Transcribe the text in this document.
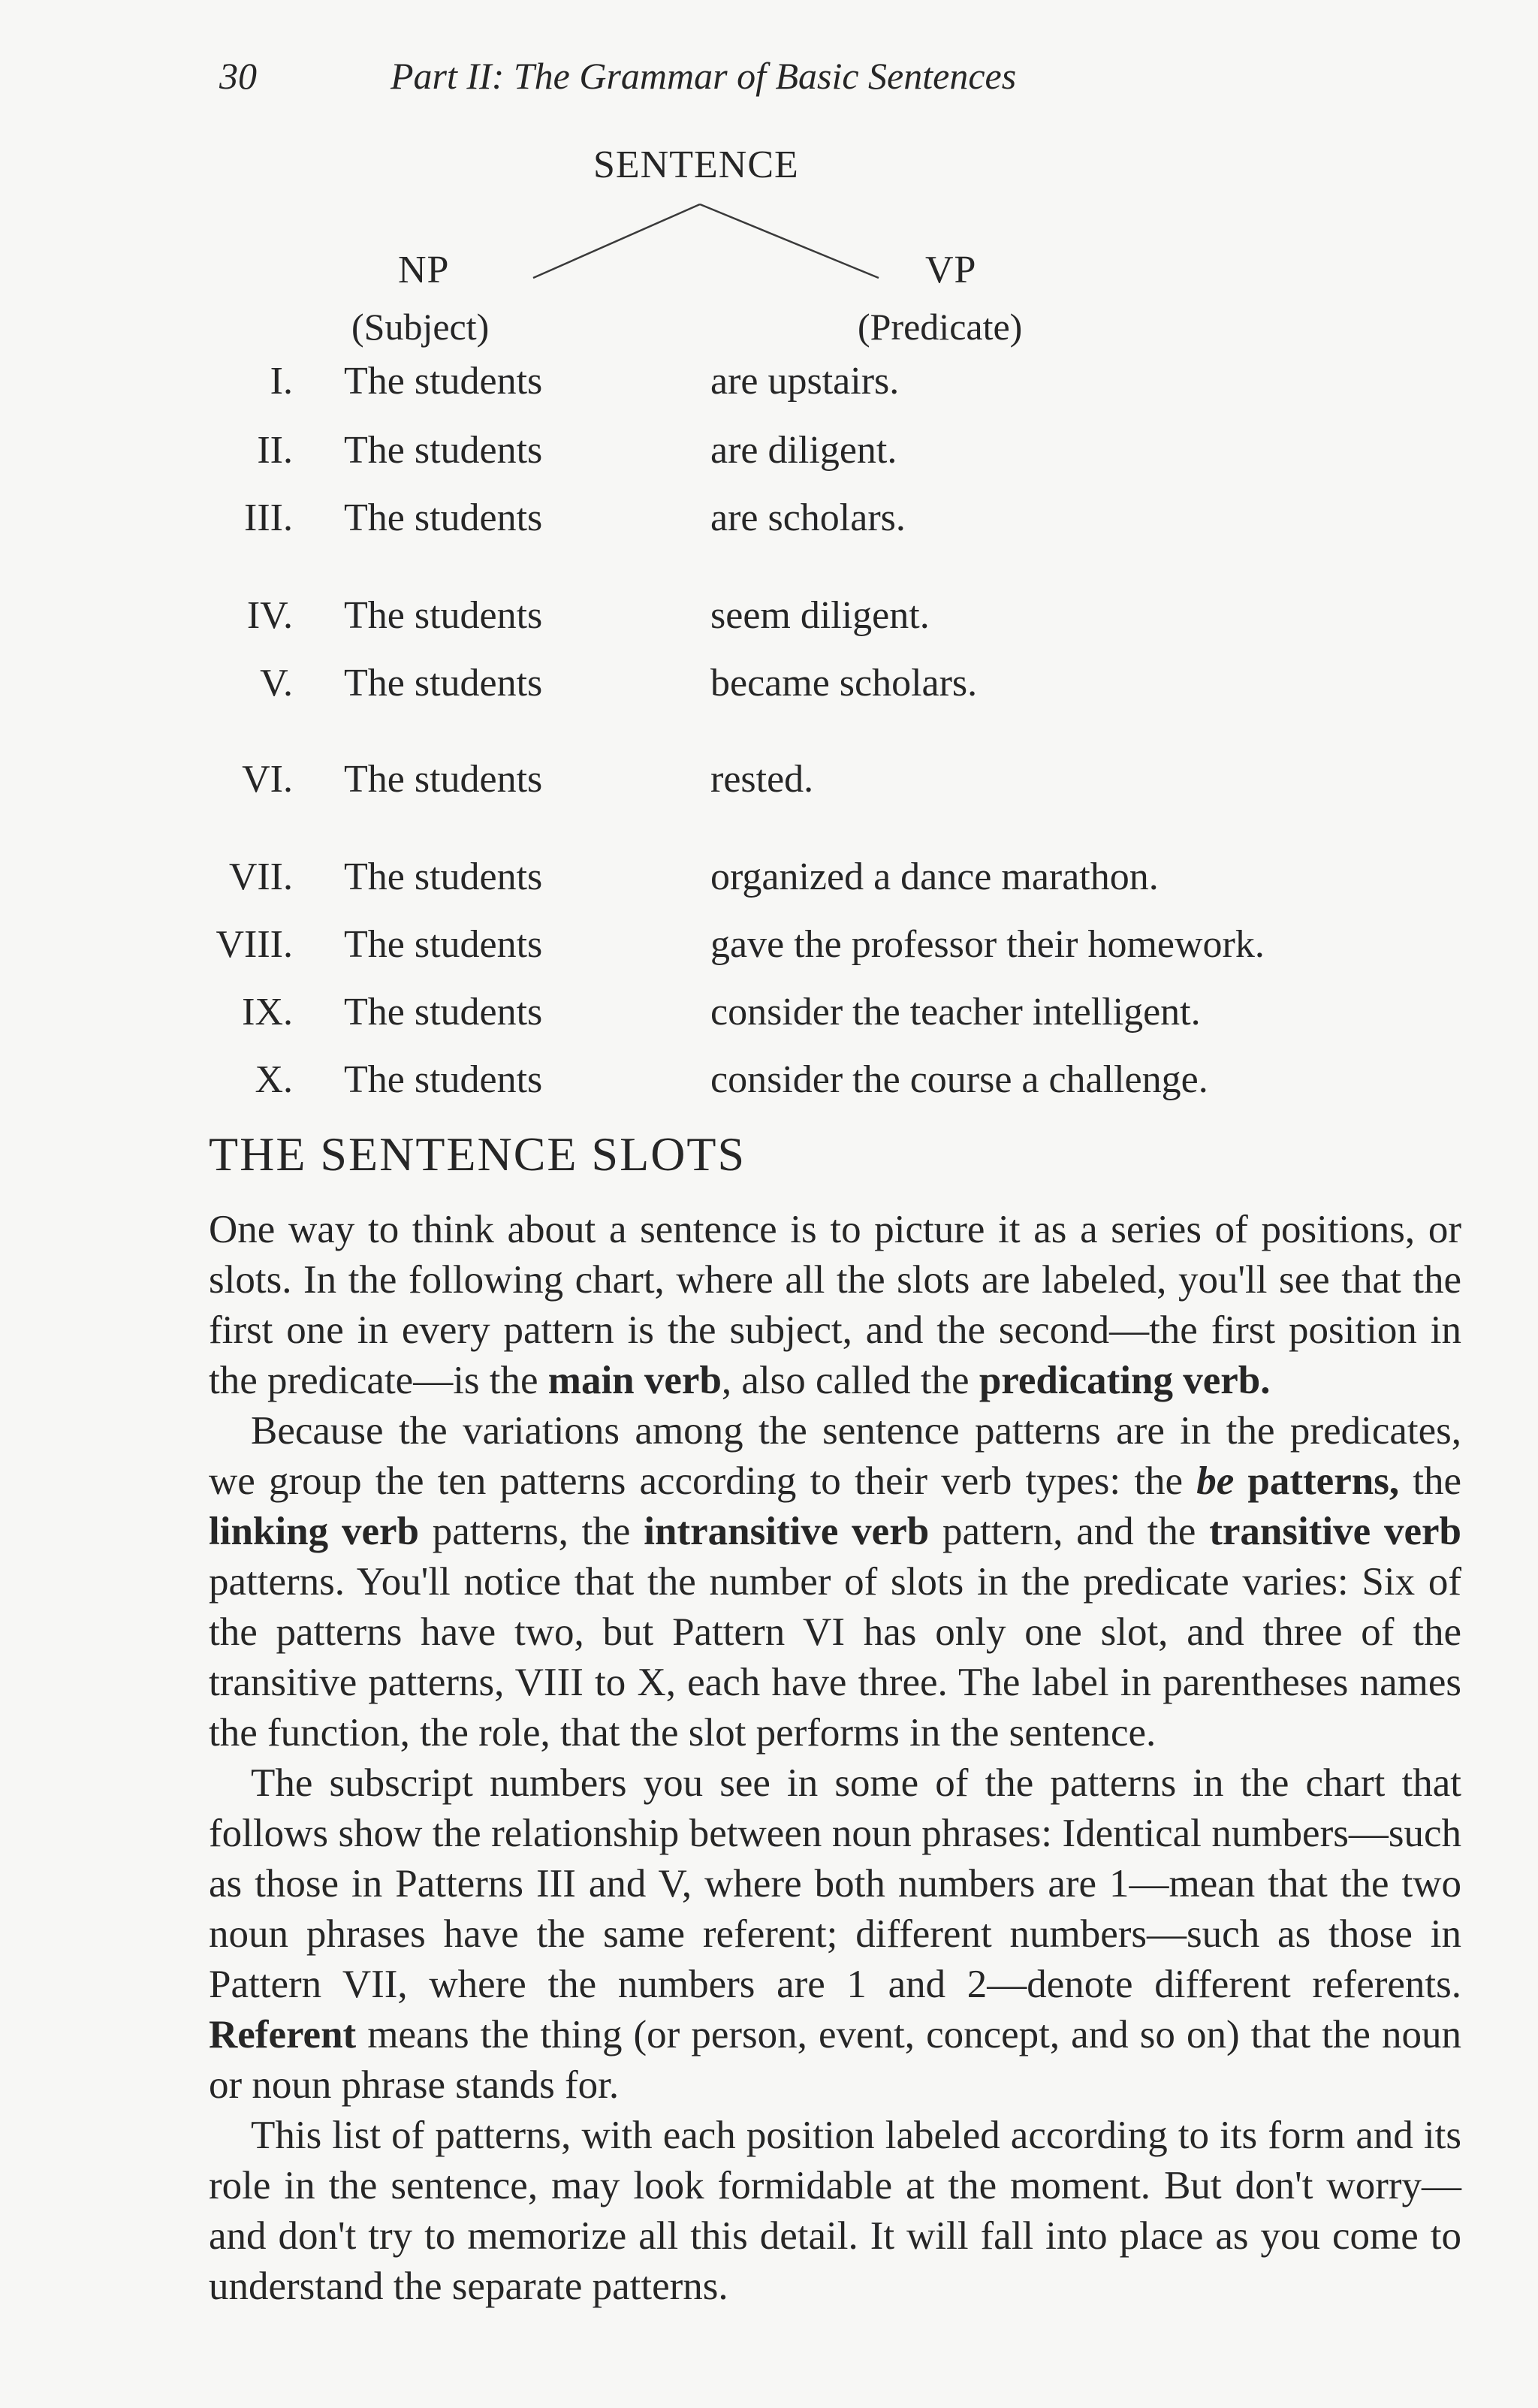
30	Part II: The Grammar of Basic Sentences
SENTENCE
NP	VP
(Subject)	(Predicate)
I. The students	are upstairs.
II. The students	are diligent.
III. The students	are scholars.
IV. The students	seem diligent.
V. The students	became scholars.
VI. The students	rested.
VII. The students	organized a dance marathon.
VIII. The students	gave the professor their homework.
IX. The students	consider the teacher intelligent.
X. The students	consider the course a challenge.
THE SENTENCE SLOTS

One way to think about a sentence is to picture it as a series of positions, or slots. In the following chart, where all the slots are labeled, you'll see that the first one in every pattern is the subject, and the second—the first position in the predicate—is the main verb, also called the predicating verb.

Because the variations among the sentence patterns are in the predicates, we group the ten patterns according to their verb types: the be patterns, the linking verb patterns, the intransitive verb pattern, and the transitive verb patterns. You'll notice that the number of slots in the predicate varies: Six of the patterns have two, but Pattern VI has only one slot, and three of the transitive patterns, VIII to X, each have three. The label in parentheses names the function, the role, that the slot performs in the sentence.

The subscript numbers you see in some of the patterns in the chart that follows show the relationship between noun phrases: Identical numbers—such as those in Patterns III and V, where both numbers are 1—mean that the two noun phrases have the same referent; different numbers—such as those in Pattern VII, where the numbers are 1 and 2—denote different referents. Referent means the thing (or person, event, concept, and so on) that the noun or noun phrase stands for.

This list of patterns, with each position labeled according to its form and its role in the sentence, may look formidable at the moment. But don't worry—and don't try to memorize all this detail. It will fall into place as you come to understand the separate patterns.
